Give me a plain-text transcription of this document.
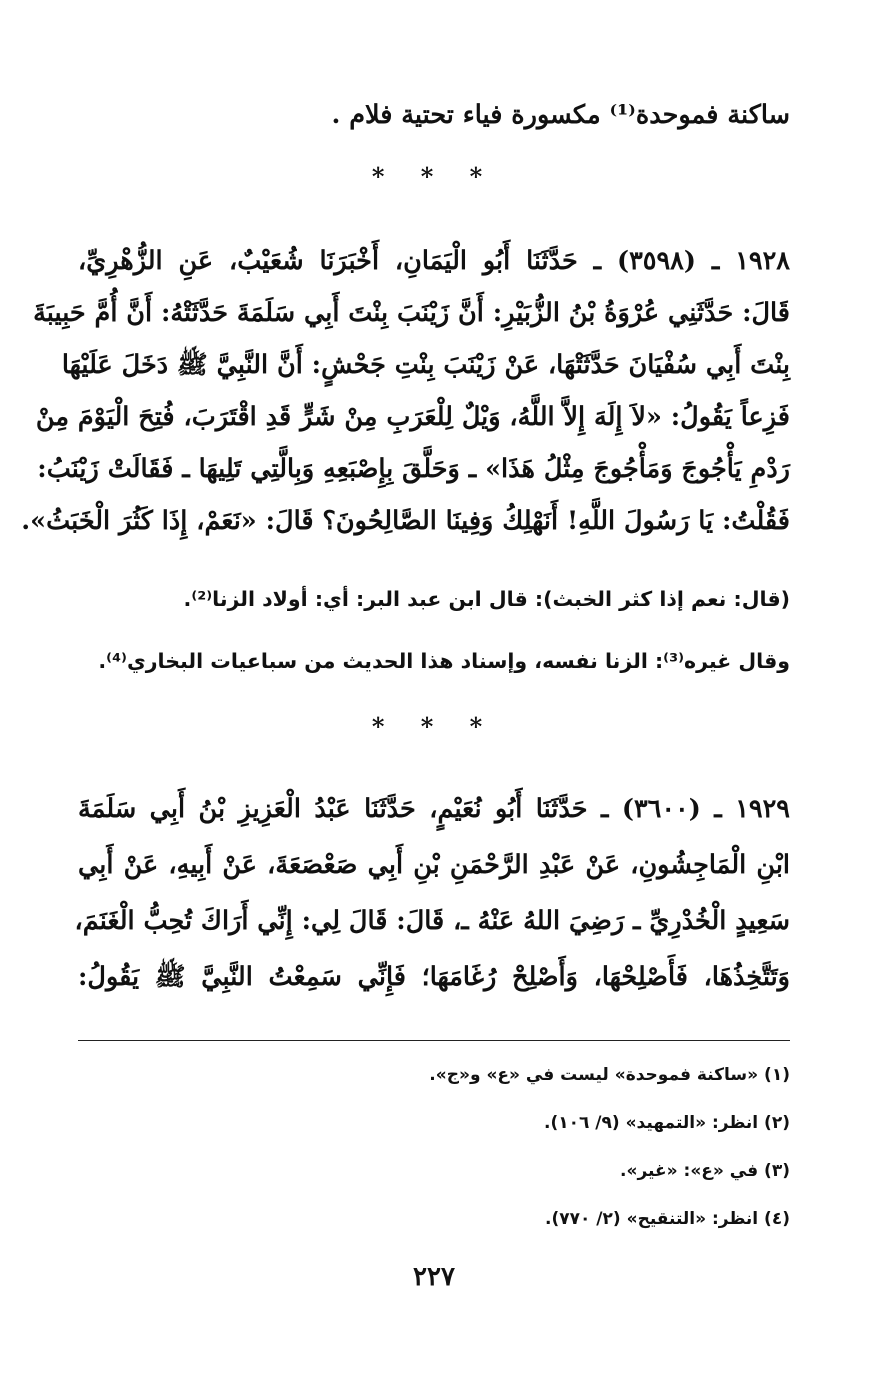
ساكنة فموحدة⁽¹⁾ مكسورة فياء تحتية فلام .
* * *
١٩٢٨ ـ (٣٥٩٨) ـ حَدَّثَنَا أَبُو الْيَمَانِ، أَخْبَرَنَا شُعَيْبٌ، عَنِ الزُّهْرِيِّ،
قَالَ: حَدَّثَنِي عُرْوَةُ بْنُ الزُّبَيْرِ: أَنَّ زَيْنَبَ بِنْتَ أَبِي سَلَمَةَ حَدَّثَتْهُ: أَنَّ أُمَّ حَبِيبَةَ
بِنْتَ أَبِي سُفْيَانَ حَدَّثَتْهَا، عَنْ زَيْنَبَ بِنْتِ جَحْشٍ: أَنَّ النَّبِيَّ ﷺ دَخَلَ عَلَيْهَا
فَزِعاً يَقُولُ: «لاَ إِلَهَ إِلاَّ اللَّهُ، وَيْلٌ لِلْعَرَبِ مِنْ شَرٍّ قَدِ اقْتَرَبَ، فُتِحَ الْيَوْمَ مِنْ
رَدْمِ يَأْجُوجَ وَمَأْجُوجَ مِثْلُ هَذَا» ـ وَحَلَّقَ بِإِصْبَعِهِ وَبِالَّتِي تَلِيهَا ـ فَقَالَتْ زَيْنَبُ:
فَقُلْتُ: يَا رَسُولَ اللَّهِ! أَنَهْلِكُ وَفِينَا الصَّالِحُونَ؟ قَالَ: «نَعَمْ، إِذَا كَثُرَ الْخَبَثُ».
(قال: نعم إذا كثر الخبث): قال ابن عبد البر: أي: أولاد الزنا⁽²⁾.
وقال غيره⁽³⁾: الزنا نفسه، وإسناد هذا الحديث من سباعيات البخاري⁽⁴⁾.
* * *
١٩٢٩ ـ (٣٦٠٠) ـ حَدَّثَنَا أَبُو نُعَيْمٍ، حَدَّثَنَا عَبْدُ الْعَزِيزِ بْنُ أَبِي سَلَمَةَ
ابْنِ الْمَاجِشُونِ، عَنْ عَبْدِ الرَّحْمَنِ بْنِ أَبِي صَعْصَعَةَ، عَنْ أَبِيهِ، عَنْ أَبِي
سَعِيدٍ الْخُدْرِيِّ ـ رَضِيَ اللهُ عَنْهُ ـ، قَالَ: قَالَ لِي: إِنِّي أَرَاكَ تُحِبُّ الْغَنَمَ،
وَتَتَّخِذُهَا، فَأَصْلِحْهَا، وَأَصْلِحْ رُغَامَهَا؛ فَإِنِّي سَمِعْتُ النَّبِيَّ ﷺ يَقُولُ:
(١) «ساكنة فموحدة» ليست في «ع» و«ج».
(٢) انظر: «التمهيد» (٩/ ١٠٦).
(٣) في «ع»: «غير».
(٤) انظر: «التنقيح» (٢/ ٧٧٠).
٢٢٧
